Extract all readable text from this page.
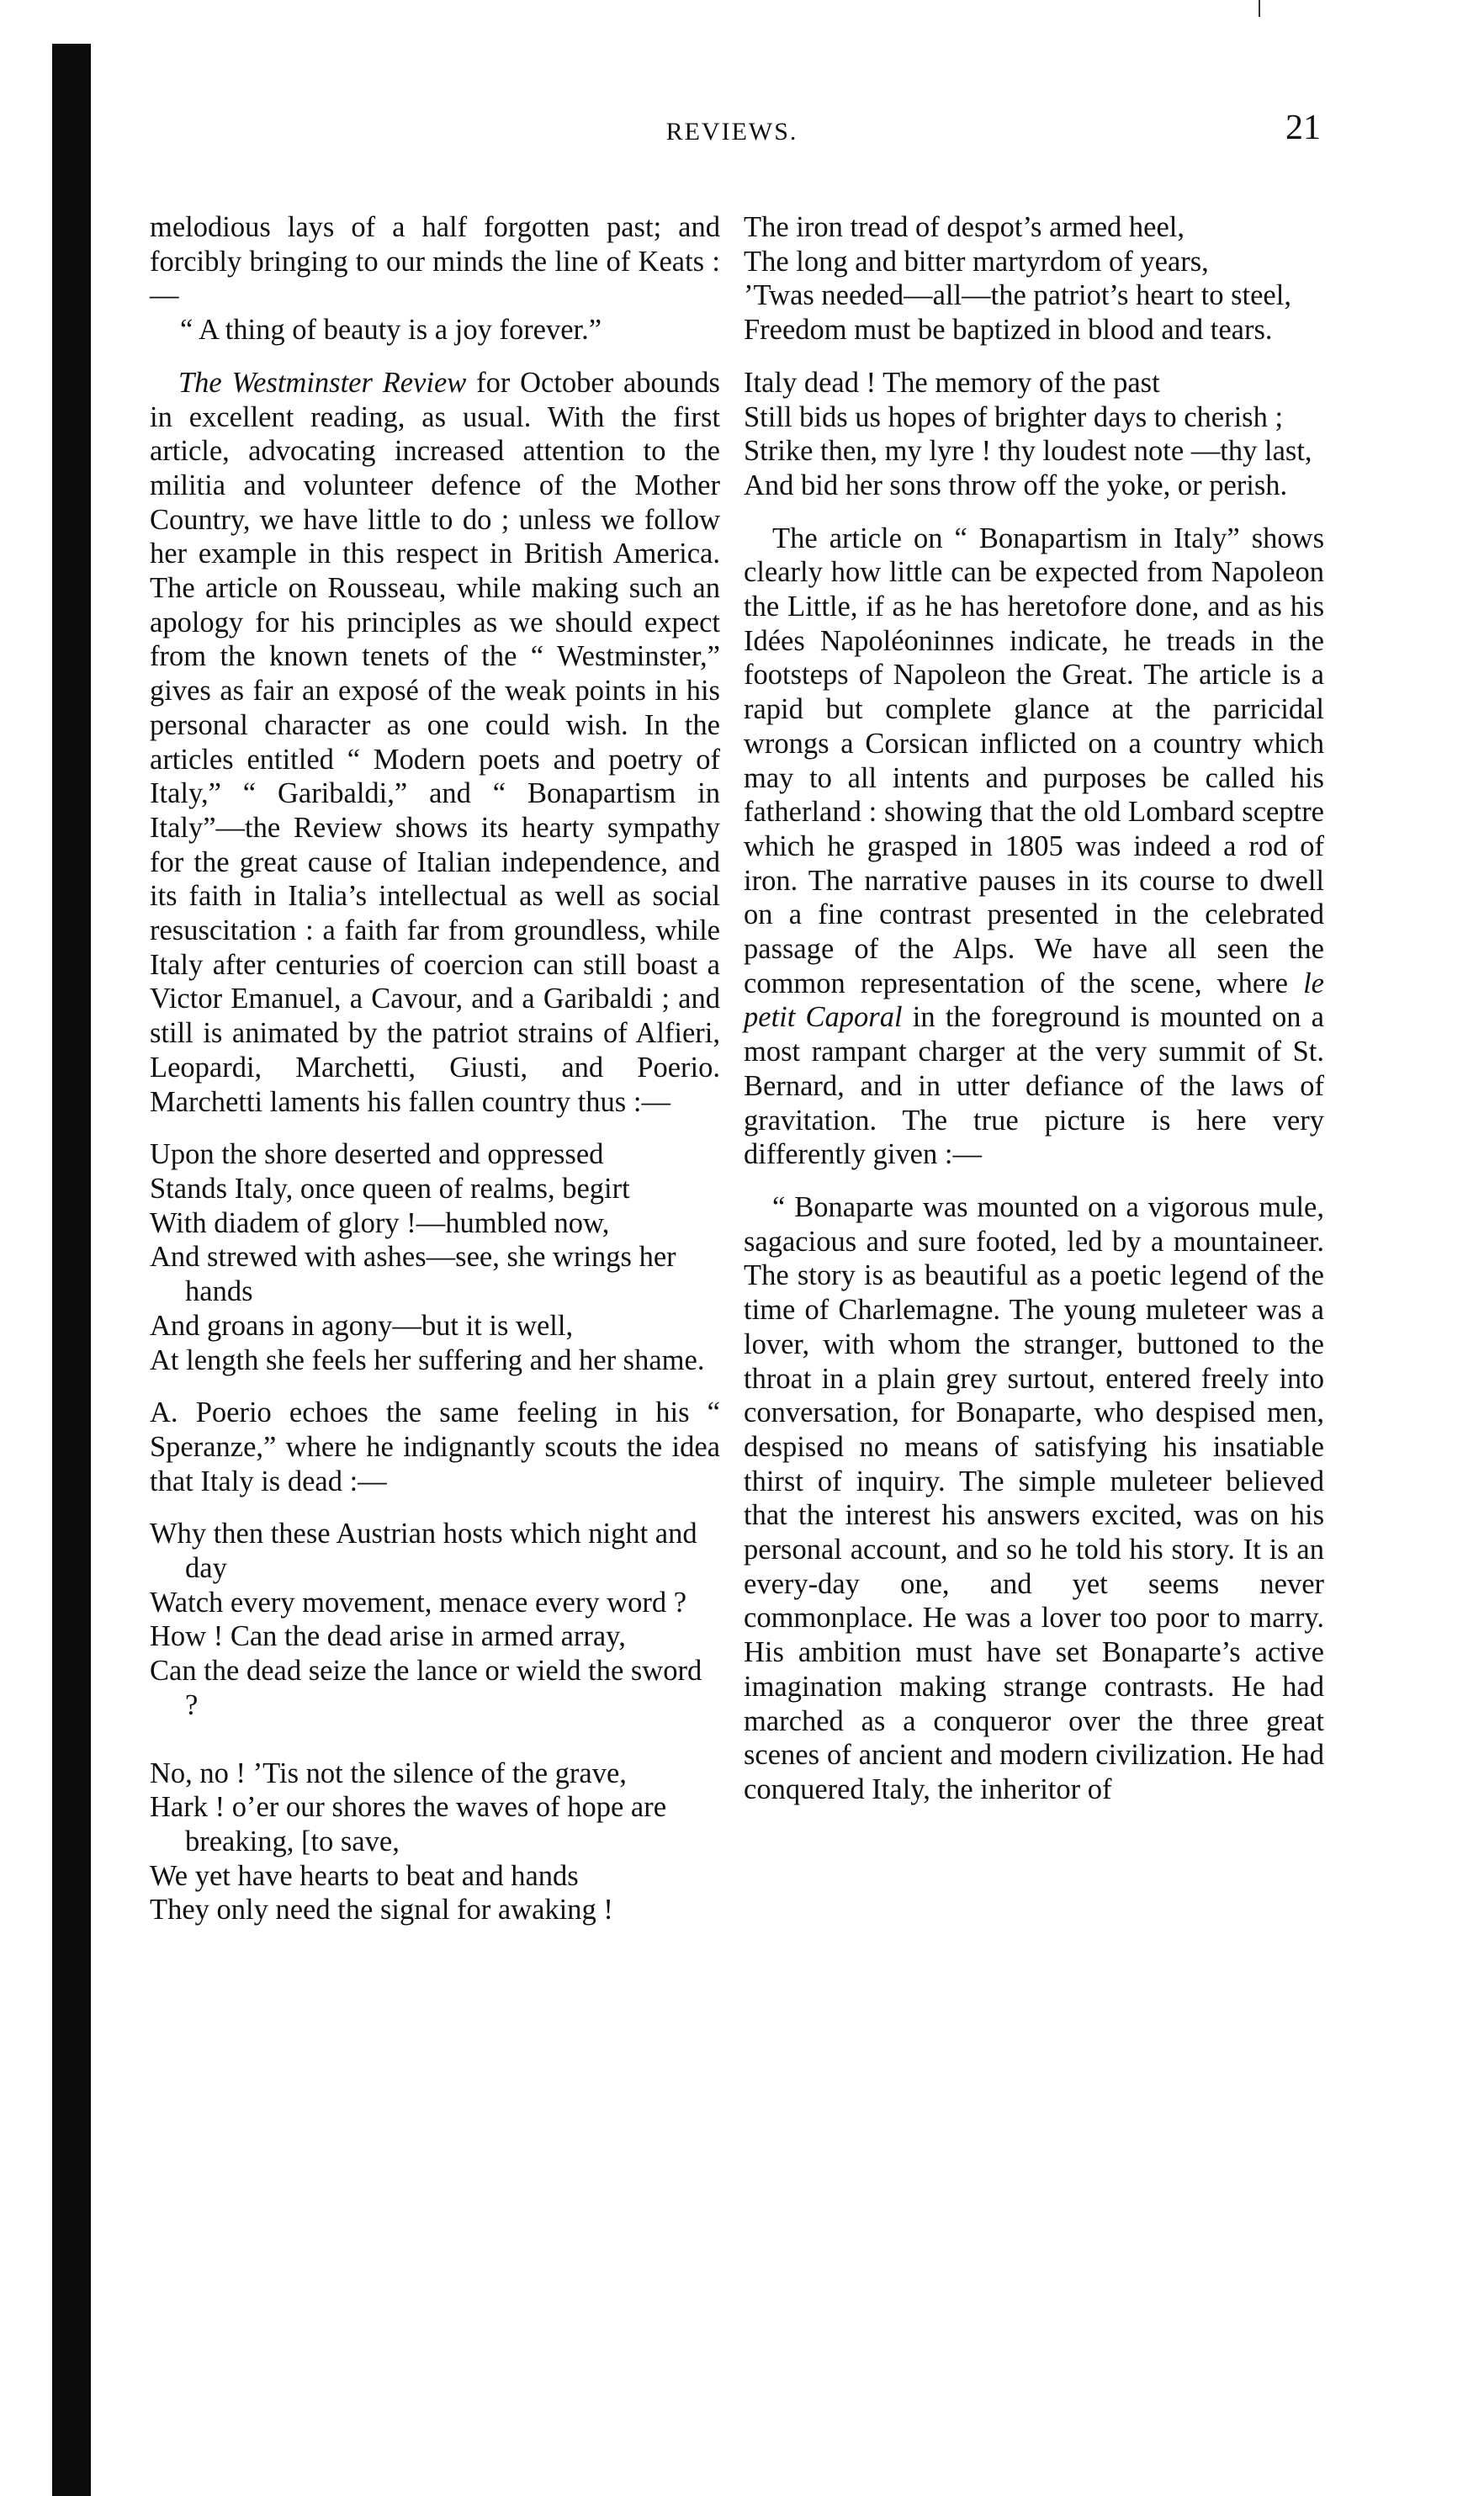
REVIEWS.	21

melodious lays of a half forgotten past; and forcibly bringing to our minds the line of Keats :—

“ A thing of beauty is a joy forever.”

The Westminster Review for October abounds in excellent reading, as usual. With the first article, advocating increased attention to the militia and volunteer defence of the Mother Country, we have little to do ; unless we follow her example in this respect in British America. The article on Rousseau, while making such an apology for his principles as we should expect from the known tenets of the “ Westminster,” gives as fair an exposé of the weak points in his personal character as one could wish. In the articles entitled “ Modern poets and poetry of Italy,” “ Garibaldi,” and “ Bonapartism in Italy”—the Review shows its hearty sympathy for the great cause of Italian independence, and its faith in Italia’s intellectual as well as social resuscitation : a faith far from groundless, while Italy after centuries of coercion can still boast a Victor Emanuel, a Cavour, and a Garibaldi ; and still is animated by the patriot strains of Alfieri, Leopardi, Marchetti, Giusti, and Poerio. Marchetti laments his fallen country thus :—

Upon the shore deserted and oppressed
Stands Italy, once queen of realms, begirt
With diadem of glory !—humbled now,
And strewed with ashes—see, she wrings her hands
And groans in agony—but it is well,
At length she feels her suffering and her shame.

A. Poerio echoes the same feeling in his “ Speranze,” where he indignantly scouts the idea that Italy is dead :—

Why then these Austrian hosts which night and day
Watch every movement, menace every word ?
How ! Can the dead arise in armed array,
Can the dead seize the lance or wield the sword ?
No, no ! ’Tis not the silence of the grave,
Hark ! o’er our shores the waves of hope are breaking, [to save,
We yet have hearts to beat and hands
They only need the signal for awaking !
The iron tread of despot’s armed heel,
The long and bitter martyrdom of years,
’Twas needed—all—the patriot’s heart to steel,
Freedom must be baptized in blood and tears.
Italy dead ! The memory of the past
Still bids us hopes of brighter days to cherish ;
Strike then, my lyre ! thy loudest note —thy last,
And bid her sons throw off the yoke, or perish.

The article on “ Bonapartism in Italy” shows clearly how little can be expected from Napoleon the Little, if as he has heretofore done, and as his Idées Napoléoninnes indicate, he treads in the footsteps of Napoleon the Great. The article is a rapid but complete glance at the parricidal wrongs a Corsican inflicted on a country which may to all intents and purposes be called his fatherland : showing that the old Lombard sceptre which he grasped in 1805 was indeed a rod of iron. The narrative pauses in its course to dwell on a fine contrast presented in the celebrated passage of the Alps. We have all seen the common representation of the scene, where le petit Caporal in the foreground is mounted on a most rampant charger at the very summit of St. Bernard, and in utter defiance of the laws of gravitation. The true picture is here very differently given :—

“ Bonaparte was mounted on a vigorous mule, sagacious and sure footed, led by a mountaineer. The story is as beautiful as a poetic legend of the time of Charlemagne. The young muleteer was a lover, with whom the stranger, buttoned to the throat in a plain grey surtout, entered freely into conversation, for Bonaparte, who despised men, despised no means of satisfying his insatiable thirst of inquiry. The simple muleteer believed that the interest his answers excited, was on his personal account, and so he told his story. It is an every-day one, and yet seems never commonplace. He was a lover too poor to marry. His ambition must have set Bonaparte’s active imagination making strange contrasts. He had marched as a conqueror over the three great scenes of ancient and modern civilization. He had conquered Italy, the inheritor of
